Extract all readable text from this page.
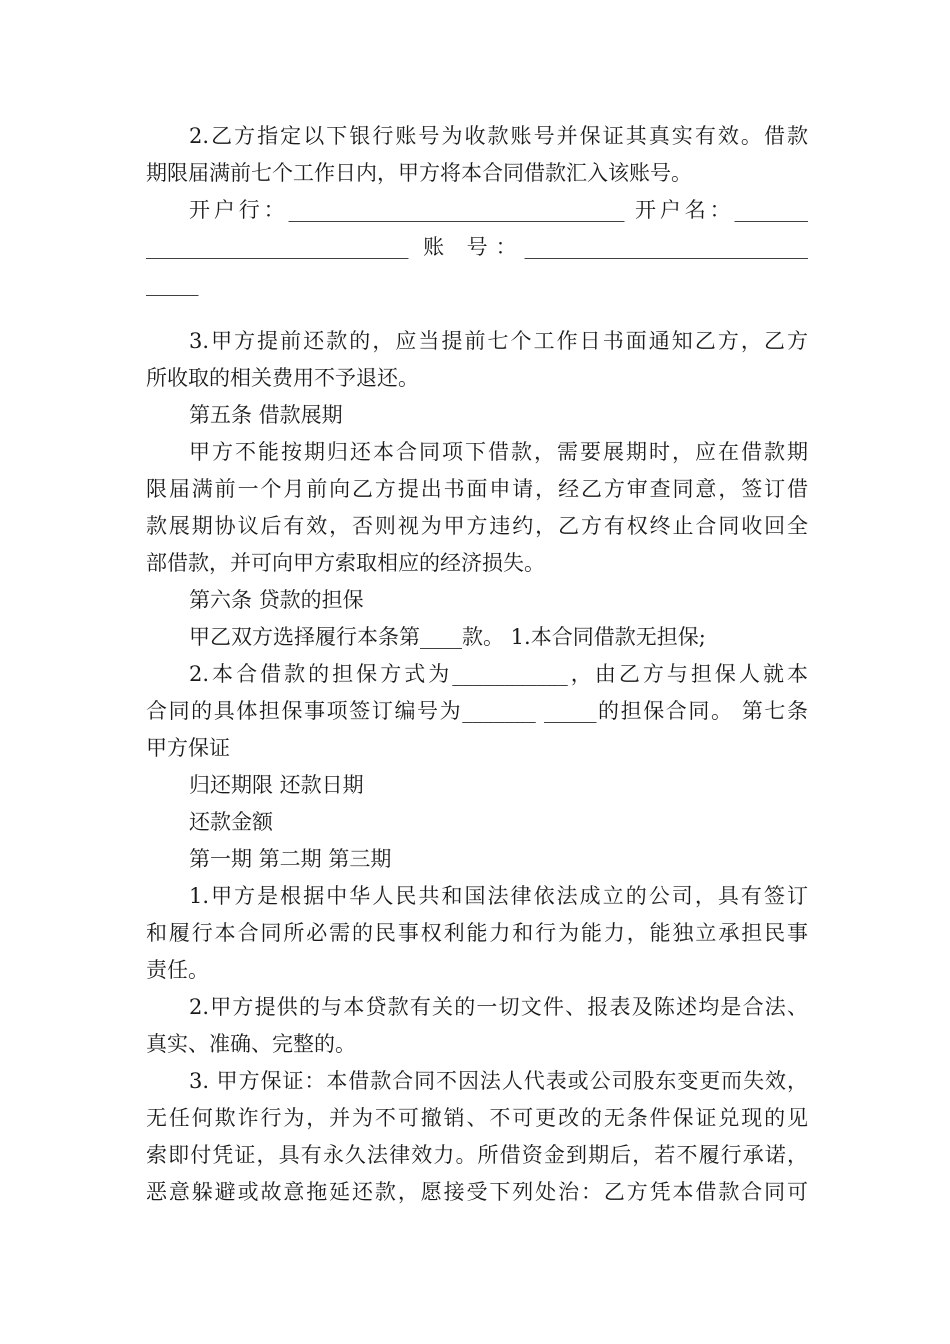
2.乙方指定以下银行账号为收款账号并保证其真实有效。借款
期限届满前七个工作日内，甲方将本合同借款汇入该账号。
开户行：________________________________ 开户名：_______
_________________________ 账 号：___________________________
_____
3.甲方提前还款的，应当提前七个工作日书面通知乙方，乙方
所收取的相关费用不予退还。
第五条 借款展期
甲方不能按期归还本合同项下借款，需要展期时，应在借款期
限届满前一个月前向乙方提出书面申请，经乙方审查同意，签订借
款展期协议后有效，否则视为甲方违约，乙方有权终止合同收回全
部借款，并可向甲方索取相应的经济损失。
第六条 贷款的担保
甲乙双方选择履行本条第____款。 1.本合同借款无担保;
2.本合借款的担保方式为___________，由乙方与担保人就本
合同的具体担保事项签订编号为_______ _____的担保合同。 第七条
甲方保证
归还期限 还款日期
还款金额
第一期 第二期 第三期
1.甲方是根据中华人民共和国法律依法成立的公司，具有签订
和履行本合同所必需的民事权利能力和行为能力，能独立承担民事
责任。
2.甲方提供的与本贷款有关的一切文件、报表及陈述均是合法、
真实、准确、完整的。
3. 甲方保证：本借款合同不因法人代表或公司股东变更而失效，
无任何欺诈行为，并为不可撤销、不可更改的无条件保证兑现的见
索即付凭证，具有永久法律效力。所借资金到期后，若不履行承诺，
恶意躲避或故意拖延还款，愿接受下列处治：乙方凭本借款合同可
